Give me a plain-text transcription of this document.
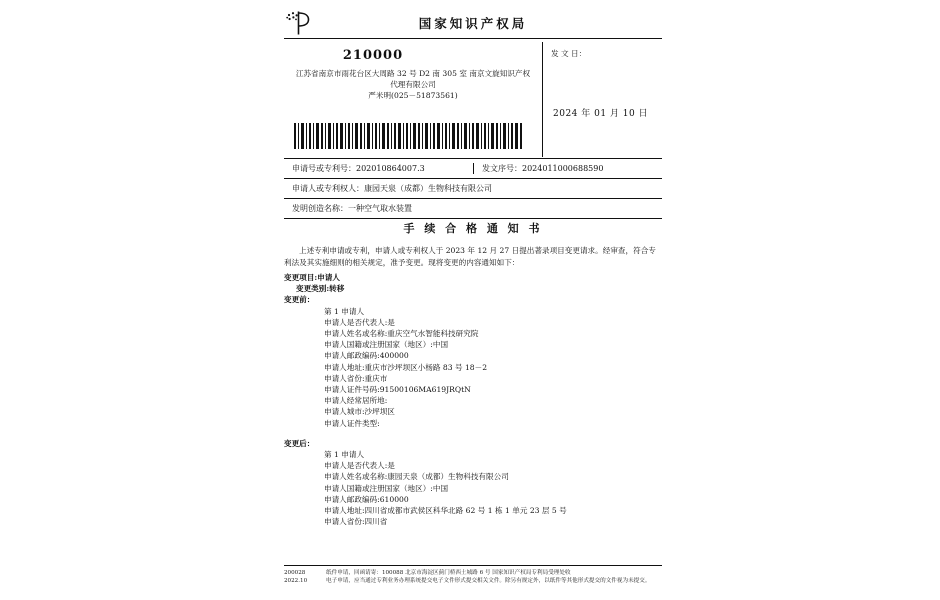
国家知识产权局
210000
江苏省南京市雨花台区大周路 32 号 D2 南 305 室 南京文旋知识产权
代理有限公司
严米明(025－51873561)
发 文 日：
2024 年 01 月 10 日
申请号或专利号：202010864007.3	发文序号：2024011000688590
申请人或专利权人：康园天泉（成都）生物科技有限公司
发明创造名称：一种空气取水装置
手 续 合 格 通 知 书
上述专利申请或专利，申请人或专利权人于 2023 年 12 月 27 日提出著录项目变更请求。经审查，符合专利法及其实施细则的相关规定，准予变更。现将变更的内容通知如下：
变更项目:申请人
变更类别:转移
变更前：
第 1 申请人
申请人是否代表人:是
申请人姓名或名称:重庆空气水智能科技研究院
申请人国籍或注册国家（地区）:中国
申请人邮政编码:400000
申请人地址:重庆市沙坪坝区小杨路 83 号 18－2
申请人省份:重庆市
申请人证件号码:91500106MA619JRQtN
申请人经常居所地:
申请人城市:沙坪坝区
申请人证件类型:
变更后：
第 1 申请人
申请人是否代表人:是
申请人姓名或名称:康园天泉（成都）生物科技有限公司
申请人国籍或注册国家（地区）:中国
申请人邮政编码:610000
申请人地址:四川省成都市武侯区科华北路 62 号 1 栋 1 单元 23 层 5 号
申请人省份:四川省
200028
2022.10
纸件申请，回函请寄：100088 北京市海淀区蓟门桥西土城路 6 号 国家知识产权局专利局受理处收
电子申请，应当通过专利业务办理系统提交电子文件形式提交相关文件。除另有规定外，以纸件等其他形式提交的文件视为未提交。
